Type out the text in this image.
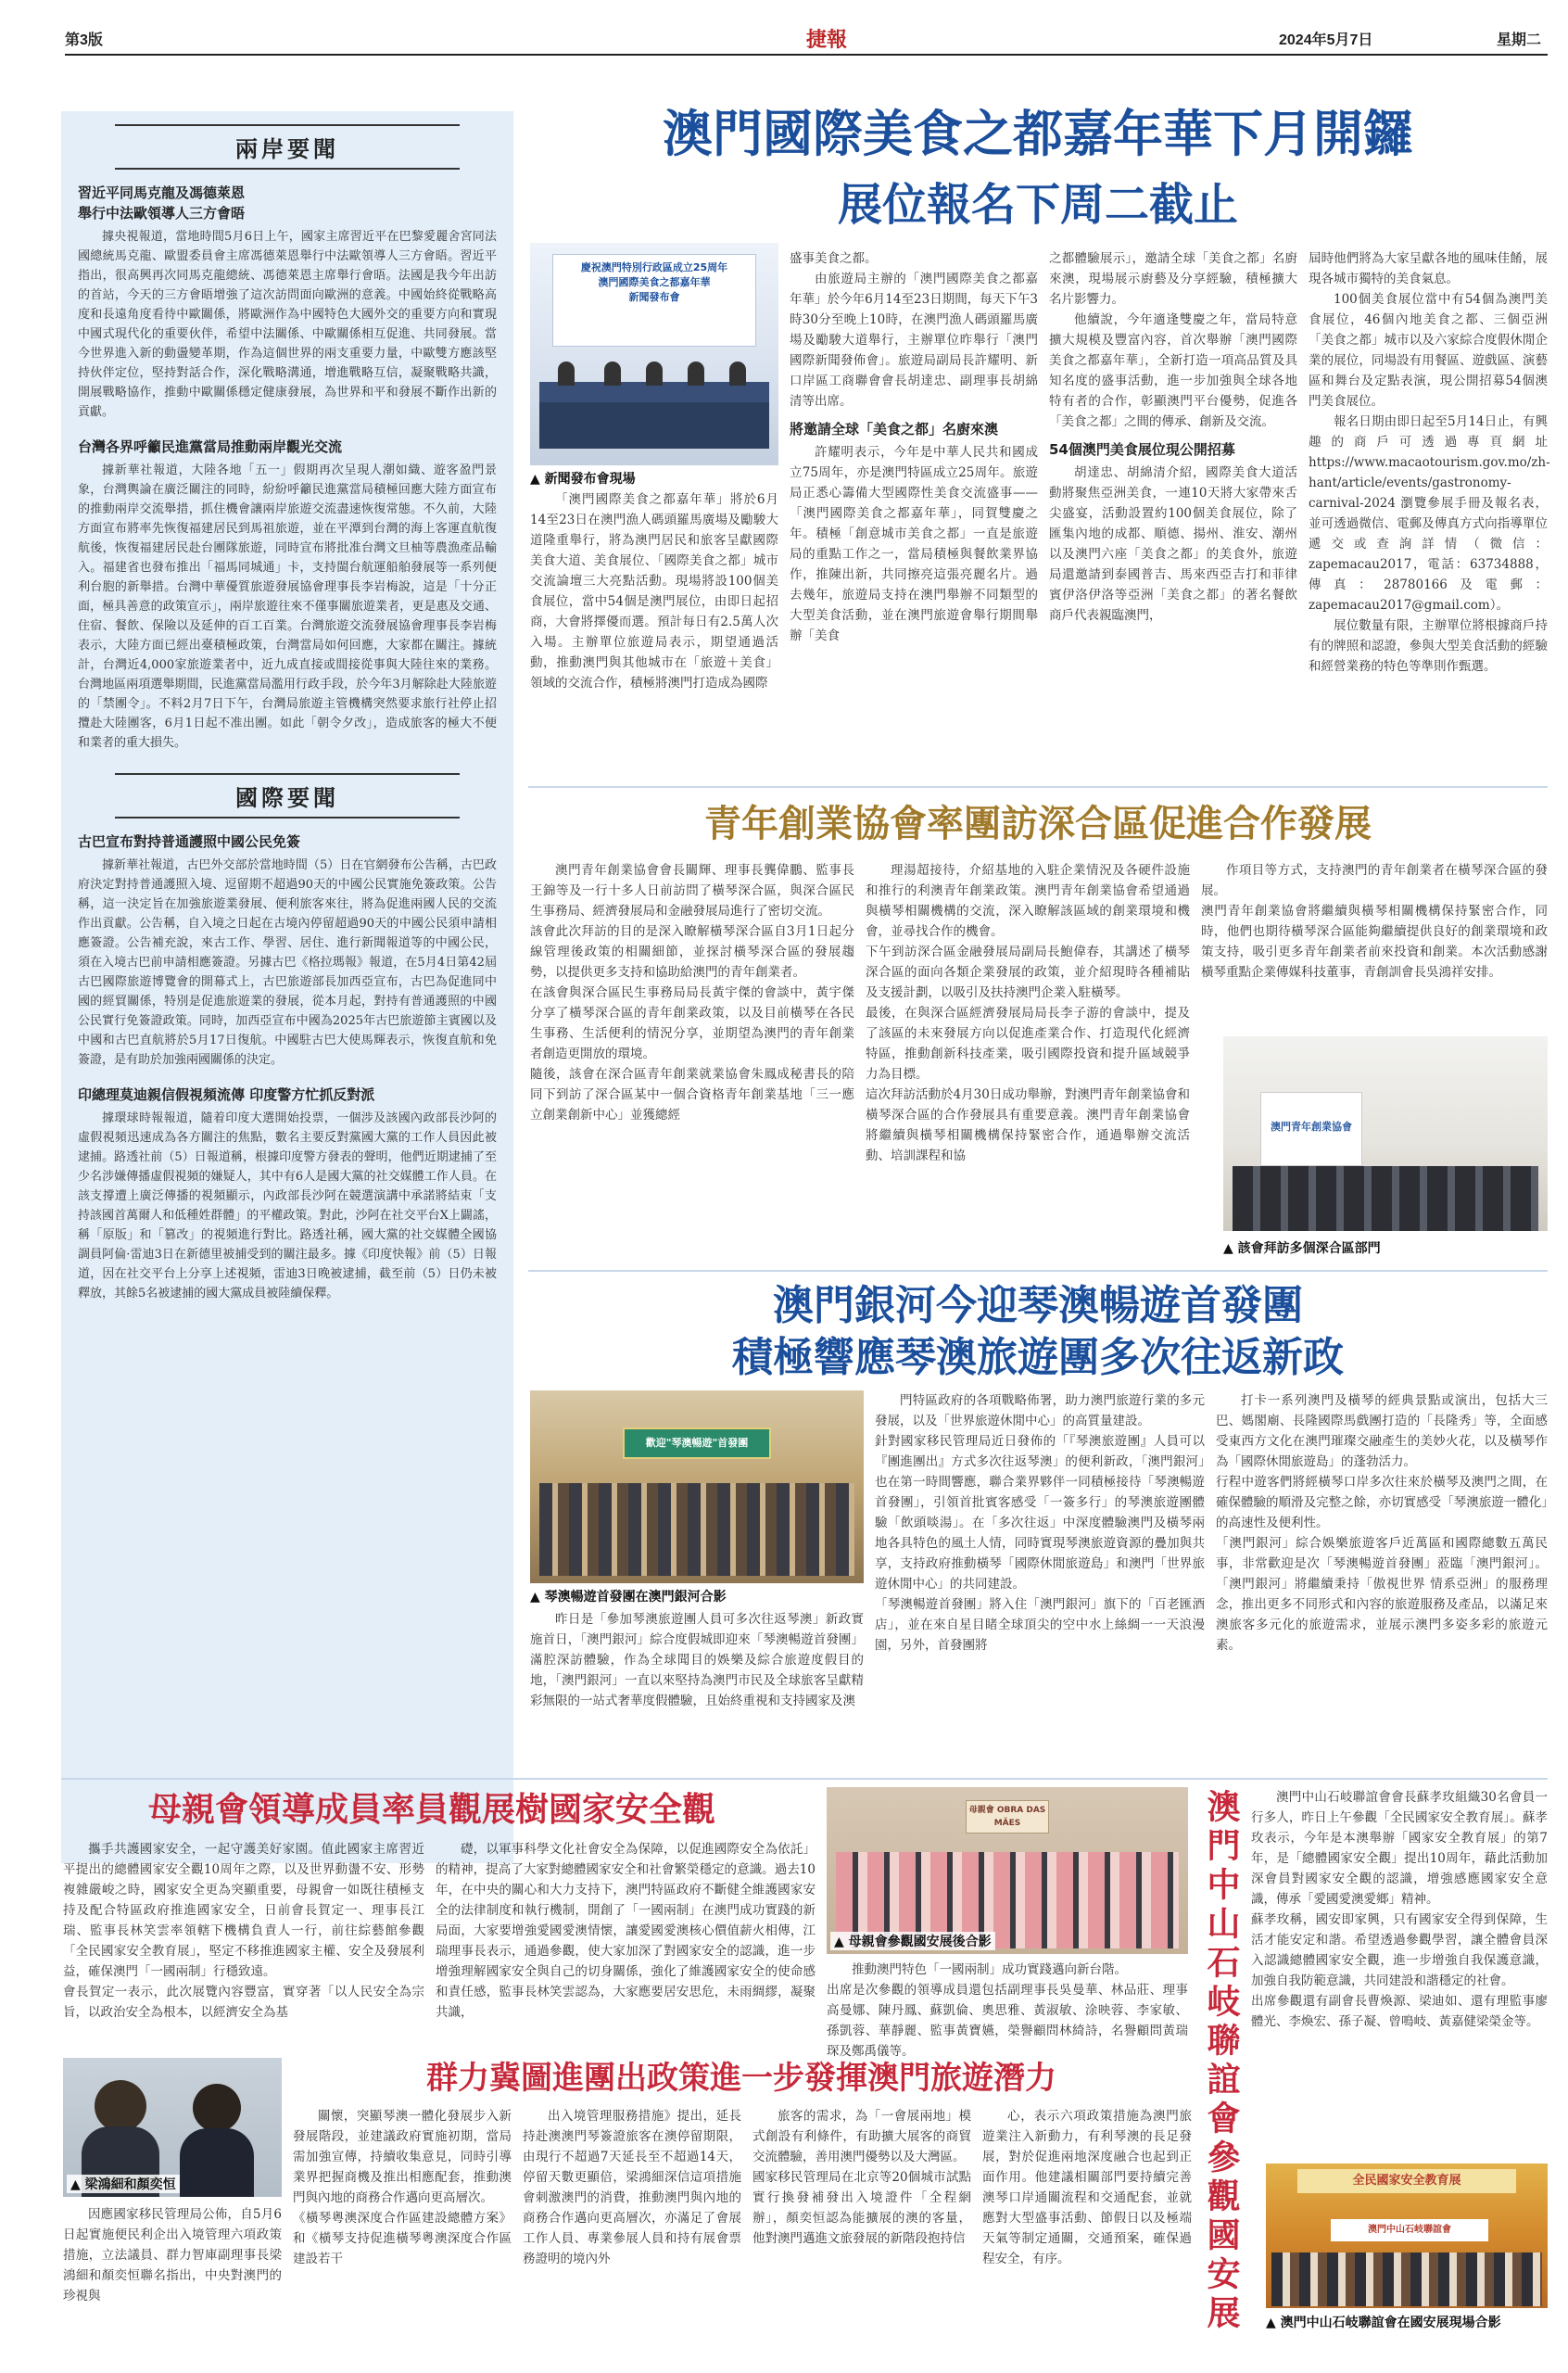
第3版	捷報	2024年5月7日	星期二
兩岸要聞
習近平同馬克龍及馮德萊恩
舉行中法歐領導人三方會晤
據央視報道，當地時間5月6日上午，國家主席習近平在巴黎愛麗舍宮同法國總統馬克龍、歐盟委員會主席馮德萊恩舉行中法歐領導人三方會晤。習近平指出，很高興再次同馬克龍總統、馮德萊恩主席舉行會晤。法國是我今年出訪的首站，今天的三方會晤增強了這次訪問面向歐洲的意義。中國始終從戰略高度和長遠角度看待中歐關係，將歐洲作為中國特色大國外交的重要方向和實現中國式現代化的重要伙伴，希望中法關係、中歐關係相互促進、共同發展。當今世界進入新的動盪變革期，作為這個世界的兩支重要力量，中歐雙方應該堅持伙伴定位，堅持對話合作，深化戰略溝通，增進戰略互信，凝聚戰略共識，開展戰略協作，推動中歐關係穩定健康發展，為世界和平和發展不斷作出新的貢獻。
台灣各界呼籲民進黨當局推動兩岸觀光交流
據新華社報道，大陸各地「五一」假期再次呈現人潮如織、遊客盈門景象，台灣輿論在廣泛關注的同時，紛紛呼籲民進黨當局積極回應大陸方面宣布的推動兩岸交流舉措，抓住機會讓兩岸旅遊交流盡速恢復常態。不久前，大陸方面宣布將率先恢復福建居民到馬祖旅遊，並在平潭到台灣的海上客運直航復航後，恢復福建居民赴台團隊旅遊，同時宣布將批准台灣文旦柚等農漁產品輸入。福建省也發布推出「福馬同城通」卡，支持閩台航運船舶發展等一系列便利台胞的新舉措。台灣中華優質旅遊發展協會理事長李岩梅說，這是「十分正面，極具善意的政策宣示」，兩岸旅遊往來不僅事關旅遊業者，更是惠及交通、住宿、餐飲、保險以及延伸的百工百業。台灣旅遊交流發展協會理事長李岩梅表示，大陸方面已經出臺積極政策，台灣當局如何回應，大家都在關注。據統計，台灣近4,000家旅遊業者中，近九成直接或間接從事與大陸往來的業務。台灣地區兩項選舉期間，民進黨當局濫用行政手段，於今年3月解除赴大陸旅遊的「禁團令」。不料2月7日下午，台灣局旅遊主管機構突然要求旅行社停止招攬赴大陸團客，6月1日起不准出團。如此「朝令夕改」，造成旅客的極大不便和業者的重大損失。
國際要聞
古巴宣布對持普通護照中國公民免簽
據新華社報道，古巴外交部於當地時間（5）日在官網發布公告稱，古巴政府決定對持普通護照入境、逗留期不超過90天的中國公民實施免簽政策。公告稱，這一決定旨在加強旅遊業發展、便利旅客來往，將為促進兩國人民的交流作出貢獻。公告稱，自入境之日起在古境內停留超過90天的中國公民須申請相應簽證。公告補充說，來古工作、學習、居住、進行新聞報道等的中國公民，須在入境古巴前申請相應簽證。另據古巴《格拉瑪報》報道，在5月4日第42屆古巴國際旅遊博覽會的開幕式上，古巴旅遊部長加西亞宣布，古巴為促進同中國的經貿關係，特別是促進旅遊業的發展，從本月起，對持有普通護照的中國公民實行免簽證政策。同時，加西亞宣布中國為2025年古巴旅遊節主賓國以及中國和古巴直航將於5月17日復航。中國駐古巴大使馬輝表示，恢復直航和免簽證，是有助於加強兩國關係的決定。
印總理莫迪親信假視頻流傳 印度警方忙抓反對派
據環球時報報道，隨着印度大選開始投票，一個涉及該國內政部長沙阿的虛假視頻迅速成為各方關注的焦點，數名主要反對黨國大黨的工作人員因此被逮捕。路透社前（5）日報道稱，根據印度警方發表的聲明，他們近期逮捕了至少名涉嫌傳播虛假視頻的嫌疑人，其中有6人是國大黨的社交媒體工作人員。在該支撐遭上廣泛傳播的視頻顯示，內政部長沙阿在競選演講中承諾將結束「支持該國首萬爾人和低種姓群體」的平權政策。對此，沙阿在社交平台X上闢謠，稱「原版」和「篡改」的視頻進行對比。路透社稱，國大黨的社交媒體全國協調員阿倫·雷迪3日在新德里被捕受到的關注最多。據《印度快報》前（5）日報道，因在社交平台上分享上述視頻，雷迪3日晚被逮捕，截至前（5）日仍未被釋放，其餘5名被逮捕的國大黨成員被陸續保釋。
澳門國際美食之都嘉年華下月開鑼
展位報名下周二截止
慶祝澳門特別行政區成立25周年
澳門國際美食之都嘉年華
新聞發布會
▲ 新聞發布會現場

「澳門國際美食之都嘉年華」將於6月14至23日在澳門漁人碼頭羅馬廣場及勵駿大道隆重舉行，將為澳門居民和旅客呈獻國際美食大道、美食展位、「國際美食之都」城市交流論壇三大亮點活動。現場將設100個美食展位，當中54個是澳門展位，由即日起招商，大會將擇優而選。預計每日有2.5萬人次入場。主辦單位旅遊局表示，期望通過活動，推動澳門與其他城市在「旅遊＋美食」領域的交流合作，積極將澳門打造成為國際

盛事美食之都。

由旅遊局主辦的「澳門國際美食之都嘉年華」於今年6月14至23日期間，每天下午3時30分至晚上10時，在澳門漁人碼頭羅馬廣場及勵駿大道舉行，主辦單位昨舉行「澳門國際新聞發佈會」。旅遊局副局長許耀明、新口岸區工商聯會會長胡達忠、副理事長胡綿清等出席。

將邀請全球「美食之都」名廚來澳

許耀明表示，今年是中華人民共和國成立75周年，亦是澳門特區成立25周年。旅遊局正悉心籌備大型國際性美食交流盛事——「澳門國際美食之都嘉年華」，同賀雙慶之年。積極「創意城市美食之都」一直是旅遊局的重點工作之一，當局積極與餐飲業界協作，推陳出新，共同擦亮這張亮麗名片。過去幾年，旅遊局支持在澳門舉辦不同類型的大型美食活動，並在澳門旅遊會舉行期間舉辦「美食

之都體驗展示」，邀請全球「美食之都」名廚來澳，現場展示廚藝及分享經驗，積極擴大名片影響力。

他續說，今年適逢雙慶之年，當局特意擴大規模及豐富內容，首次舉辦「澳門國際美食之都嘉年華」，全新打造一項高品質及具知名度的盛事活動，進一步加強與全球各地特有者的合作，彰顯澳門平台優勢，促進各「美食之都」之間的傳承、創新及交流。

54個澳門美食展位現公開招募

胡達忠、胡綿清介紹，國際美食大道活動將聚焦亞洲美食，一連10天將大家帶來舌尖盛宴，活動設置約100個美食展位，除了匯集內地的成都、順德、揚州、淮安、潮州以及澳門六座「美食之都」的美食外，旅遊局還邀請到泰國普吉、馬來西亞吉打和菲律賓伊洛伊洛等亞洲「美食之都」的著名餐飲商戶代表親臨澳門，

屆時他們將為大家呈獻各地的風味佳餚，展現各城市獨特的美食氣息。

100個美食展位當中有54個為澳門美食展位，46個內地美食之都、三個亞洲「美食之都」城市以及六家綜合度假休閒企業的展位，同場設有用餐區、遊戲區、演藝區和舞台及定點表演，現公開招募54個澳門美食展位。

報名日期由即日起至5月14日止，有興趣的商戶可透過專頁網址https://www.macaotourism.gov.mo/zh-hant/article/events/gastronomy-carnival-2024 瀏覽參展手冊及報名表，並可透過微信、電郵及傳真方式向指導單位遞交或查詢詳情（微信：zapemacau2017，電話：63734888，傳真：28780166及電郵：zapemacau2017@gmail.com）。

展位數量有限，主辦單位將根據商戶持有的牌照和認證，參與大型美食活動的經驗和經營業務的特色等準則作甄選。

青年創業協會率團訪深合區促進合作發展

澳門青年創業協會會長關輝、理事長龔偉鵬、監事長王錦等及一行十多人日前訪問了橫琴深合區，與深合區民生事務局、經濟發展局和金融發展局進行了密切交流。
該會此次拜訪的目的是深入瞭解橫琴深合區自3月1日起分線管理後政策的相關細節，並探討橫琴深合區的發展趨勢，以提供更多支持和協助給澳門的青年創業者。
在該會與深合區民生事務局局長黃宇傑的會談中，黃宇傑分享了橫琴深合區的青年創業政策，以及目前橫琴在各民生事務、生活便利的情況分享，並期望為澳門的青年創業者創造更開放的環境。
隨後，該會在深合區青年創業就業協會朱鳳成秘書長的陪同下到訪了深合區某中一個合資格青年創業基地「三一應立創業創新中心」並獲總經

理湯超接待，介紹基地的入駐企業情況及各硬件設施和推行的利澳青年創業政策。澳門青年創業協會希望通過與橫琴相關機構的交流，深入瞭解該區域的創業環境和機會，並尋找合作的機會。
下午到訪深合區金融發展局副局長鮑偉春，其講述了橫琴深合區的面向各類企業發展的政策，並介紹現時各種補貼及支援計劃，以吸引及扶持澳門企業入駐橫琴。
最後，在與深合區經濟發展局局長李子游的會談中，提及了該區的未來發展方向以促進產業合作、打造現代化經濟特區，推動創新科技產業，吸引國際投資和提升區域競爭力為目標。
這次拜訪活動於4月30日成功舉辦，對澳門青年創業協會和橫琴深合區的合作發展具有重要意義。澳門青年創業協會將繼續與橫琴相關機構保持緊密合作，通過舉辦交流活動、培訓課程和協

作項目等方式，支持澳門的青年創業者在橫琴深合區的發展。
澳門青年創業協會將繼續與橫琴相關機構保持緊密合作，同時，他們也期待橫琴深合區能夠繼續提供良好的創業環境和政策支持，吸引更多青年創業者前來投資和創業。本次活動感謝橫琴重點企業傳媒科技董事，青創訓會長吳鴻祥安排。

澳門青年創業協會
▲ 該會拜訪多個深合區部門
澳門銀河今迎琴澳暢遊首發團
積極響應琴澳旅遊團多次往返新政
歡迎"琴澳暢遊"首發團
▲ 琴澳暢遊首發團在澳門銀河合影

昨日是「參加琴澳旅遊團人員可多次往返琴澳」新政實施首日，「澳門銀河」綜合度假城即迎來「琴澳暢遊首發團」滿腔深訪體驗，作為全球聞目的娛樂及綜合旅遊度假目的地，「澳門銀河」一直以來堅持為澳門市民及全球旅客呈獻精彩無限的一站式奢華度假體驗，且始終重視和支持國家及澳

門特區政府的各項戰略佈署，助力澳門旅遊行業的多元發展，以及「世界旅遊休閒中心」的高質量建設。
針對國家移民管理局近日發佈的「『琴澳旅遊團』人員可以『團進團出』方式多次往返琴澳」的便利新政，「澳門銀河」也在第一時間響應，聯合業界夥伴一同積極接待「琴澳暢遊首發團」，引領首批賓客感受「一簽多行」的琴澳旅遊團體驗「飲頭啖湯」。在「多次往返」中深度體驗澳門及橫琴兩地各具特色的風土人情，同時實現琴澳旅遊資源的疊加與共享，支持政府推動橫琴「國際休閒旅遊島」和澳門「世界旅遊休閒中心」的共同建設。
「琴澳暢遊首發團」將入住「澳門銀河」旗下的「百老匯酒店」，並在來自星目睹全球頂尖的空中水上絲綢一一天浪漫園，另外，首發團將

打卡一系列澳門及橫琴的經典景點或演出，包括大三巴、媽閣廟、長隆國際馬戲團打造的「長隆秀」等，全面感受東西方文化在澳門璀璨交融產生的美妙火花，以及橫琴作為「國際休閒旅遊島」的蓬勃活力。
行程中遊客們將經橫琴口岸多次往來於橫琴及澳門之間，在確保體驗的順滑及完整之餘，亦切實感受「琴澳旅遊一體化」的高速性及便利性。
「澳門銀河」綜合娛樂旅遊客戶近萬區和國際總數五萬民事，非常歡迎是次「琴澳暢遊首發團」蒞臨「澳門銀河」。「澳門銀河」將繼續秉持「傲視世界 情系亞洲」的服務理念，推出更多不同形式和內容的旅遊服務及產品，以滿足來澳旅客多元化的旅遊需求，並展示澳門多姿多彩的旅遊元素。

母親會領導成員率員觀展樹國家安全觀

攜手共護國家安全，一起守護美好家園。值此國家主席習近平提出的總體國家安全觀10周年之際，以及世界動盪不安、形勢複雜嚴峻之時，國家安全更為突顯重要，母親會一如既往積極支持及配合特區政府推進國家安全，日前會長賀定一、理事長江瑞、監事長林笑雲率領轄下機構負責人一行，前往綜藝館參觀「全民國家安全教育展」，堅定不移推進國家主權、安全及發展利益，確保澳門「一國兩制」行穩致遠。
會長賀定一表示，此次展覽內容豐富，實穿著「以人民安全為宗旨，以政治安全為根本，以經濟安全為基

礎，以軍事科學文化社會安全為保障，以促進國際安全為依託」的精神，提高了大家對總體國家安全和社會繁榮穩定的意識。過去10年，在中央的關心和大力支持下，澳門特區政府不斷健全維護國家安全的法律制度和執行機制，開創了「一國兩制」在澳門成功實踐的新局面，大家要增強愛國愛澳情懷，讓愛國愛澳核心價值薪火相傳，江瑞理事長表示，通過參觀，使大家加深了對國家安全的認識，進一步增強理解國家安全與自己的切身關係，強化了維護國家安全的使命感和責任感，監事長林笑雲認為，大家應要居安思危，未雨綢繆，凝聚共識，

母親會 OBRA DAS MÃES
▲ 母親會參觀國安展後合影

推動澳門特色「一國兩制」成功實踐邁向新台階。
出席是次參觀的領導成員還包括副理事長吳曼華、林品莊、理事高曼娜、陳丹鳳、蘇凱倫、奧思雅、黃淑敏、涂映蓉、李家敏、孫凱蓉、華靜麗、監事黃寶嬿，榮譽顧問林綺詩，名譽顧問黃瑞琛及鄭禹儀等。	澳門中山石岐聯誼會參觀國安展	澳門中山石岐聯誼會會長蘇孝玫組織30名會員一行多人，昨日上午參觀「全民國家安全教育展」。蘇孝玫表示，今年是本澳舉辦「國家安全教育展」的第7年，是「總體國家安全觀」提出10周年，藉此活動加深會員對國家安全觀的認識，增強感應國家安全意識，傳承「愛國愛澳愛鄉」精神。
蘇孝玫稱，國安即家興，只有國家安全得到保障，生活才能安定和諧。希望透過參觀學習，讓全體會員深入認識總體國家安全觀，進一步增強自我保護意識，加強自我防範意識，共同建設和諧穩定的社會。
出席參觀還有副會長曹煥源、梁迪如、還有理監事廖體光、李煥宏、孫子凝、曾鳴岐、黃嘉健梁榮金等。

全民國家安全教育展
澳門中山石岐聯誼會
▲ 澳門中山石岐聯誼會在國安展現場合影
群力冀圖進團出政策進一步發揮澳門旅遊潛力
▲ 梁鴻細和顏奕恒

因應國家移民管理局公佈，自5月6日起實施便民利企出入境管理六項政策措施，立法議員、群力智庫副理事長梁鴻細和顏奕恒聯名指出，中央對澳門的珍視與

關懷，突顯琴澳一體化發展步入新發展階段，並建議政府實施初期，當局需加強宣傳，持續收集意見，同時引導業界把握商機及推出相應配套，推動澳門與內地的商務合作邁向更高層次。
《橫琴粵澳深度合作區建設總體方案》和《橫琴支持促進橫琴粵澳深度合作區建設若干

出入境管理服務措施》提出，延長持赴澳澳門琴簽證旅客在澳停留期限，由現行不超過7天延長至不超過14天，停留天數更顯倍，梁鴻細深信這項措施會刺激澳門的消費，推動澳門與內地的商務合作邁向更高層次，亦滿足了會展工作人員、專業參展人員和持有展會票務證明的境內外

旅客的需求，為「一會展兩地」模式創設有利條件，有助擴大展客的商貿交流體驗，善用澳門優勢以及大灣區。
國家移民管理局在北京等20個城市試點實行換發補發出入境證件「全程網辦」，顏奕恒認為能擴展的澳的客量，他對澳門邁進文旅發展的新階段抱持信

心，表示六項政策措施為澳門旅遊業注入新動力，有利琴澳的長足發展，對於促進兩地深度融合也起到正面作用。他建議相關部門要持續完善澳琴口岸通關流程和交通配套，並就應對大型盛事活動、節假日以及極端天氣等制定通關，交通預案，確保過程安全，有序。
